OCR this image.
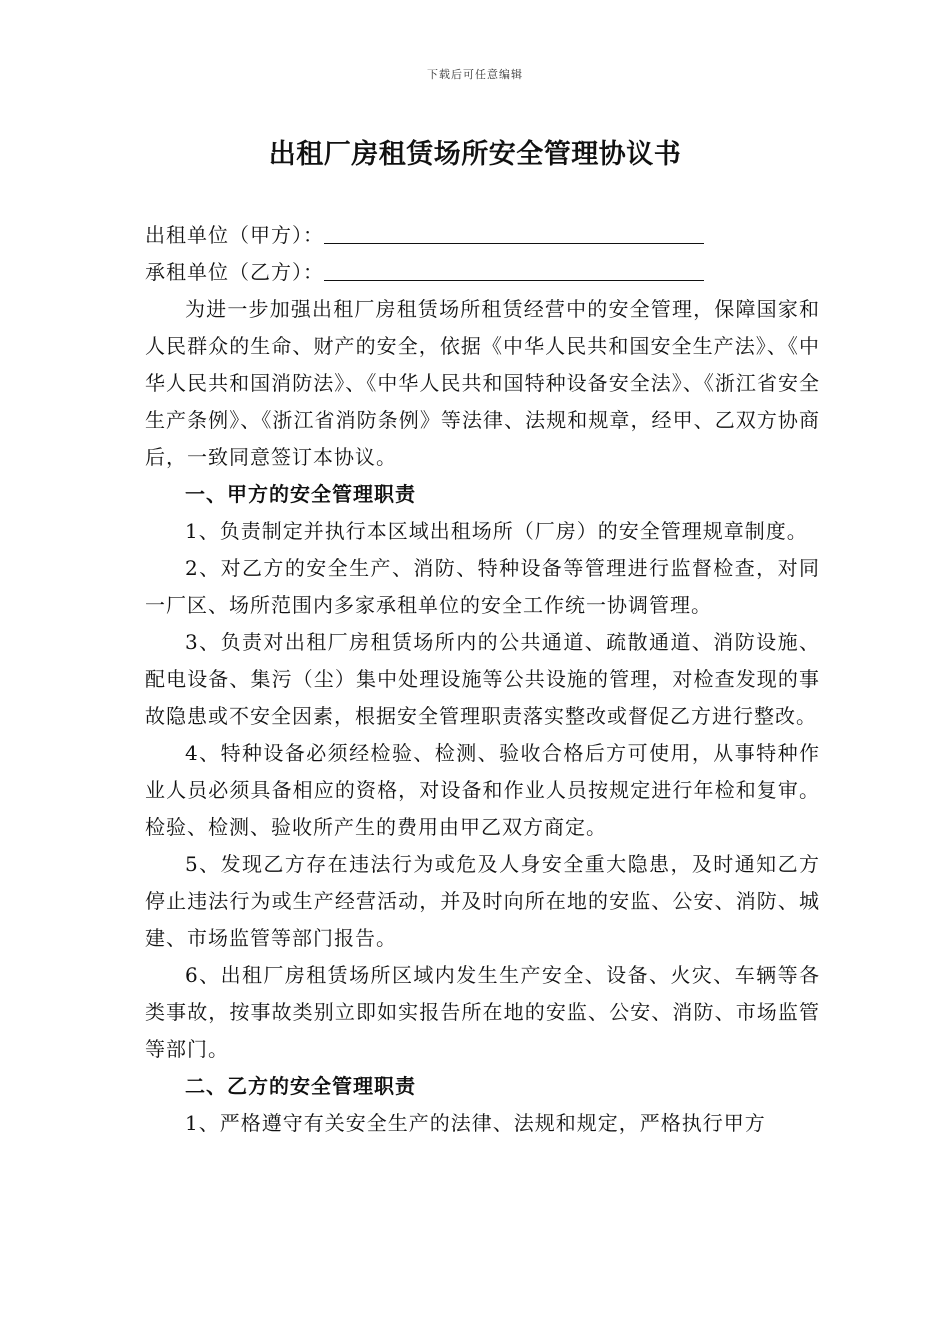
下载后可任意编辑
出租厂房租赁场所安全管理协议书
出租单位（甲方）：
承租单位（乙方）：

为进一步加强出租厂房租赁场所租赁经营中的安全管理，保障国家和人民群众的生命、财产的安全，依据《中华人民共和国安全生产法》、《中华人民共和国消防法》、《中华人民共和国特种设备安全法》、《浙江省安全生产条例》、《浙江省消防条例》等法律、法规和规章，经甲、乙双方协商后，一致同意签订本协议。

一、甲方的安全管理职责

1、负责制定并执行本区域出租场所（厂房）的安全管理规章制度。

2、对乙方的安全生产、消防、特种设备等管理进行监督检查，对同一厂区、场所范围内多家承租单位的安全工作统一协调管理。

3、负责对出租厂房租赁场所内的公共通道、疏散通道、消防设施、配电设备、集污（尘）集中处理设施等公共设施的管理，对检查发现的事故隐患或不安全因素，根据安全管理职责落实整改或督促乙方进行整改。

4、特种设备必须经检验、检测、验收合格后方可使用，从事特种作业人员必须具备相应的资格，对设备和作业人员按规定进行年检和复审。检验、检测、验收所产生的费用由甲乙双方商定。

5、发现乙方存在违法行为或危及人身安全重大隐患，及时通知乙方停止违法行为或生产经营活动，并及时向所在地的安监、公安、消防、城建、市场监管等部门报告。

6、出租厂房租赁场所区域内发生生产安全、设备、火灾、车辆等各类事故，按事故类别立即如实报告所在地的安监、公安、消防、市场监管等部门。

二、乙方的安全管理职责

1、严格遵守有关安全生产的法律、法规和规定，严格执行甲方
